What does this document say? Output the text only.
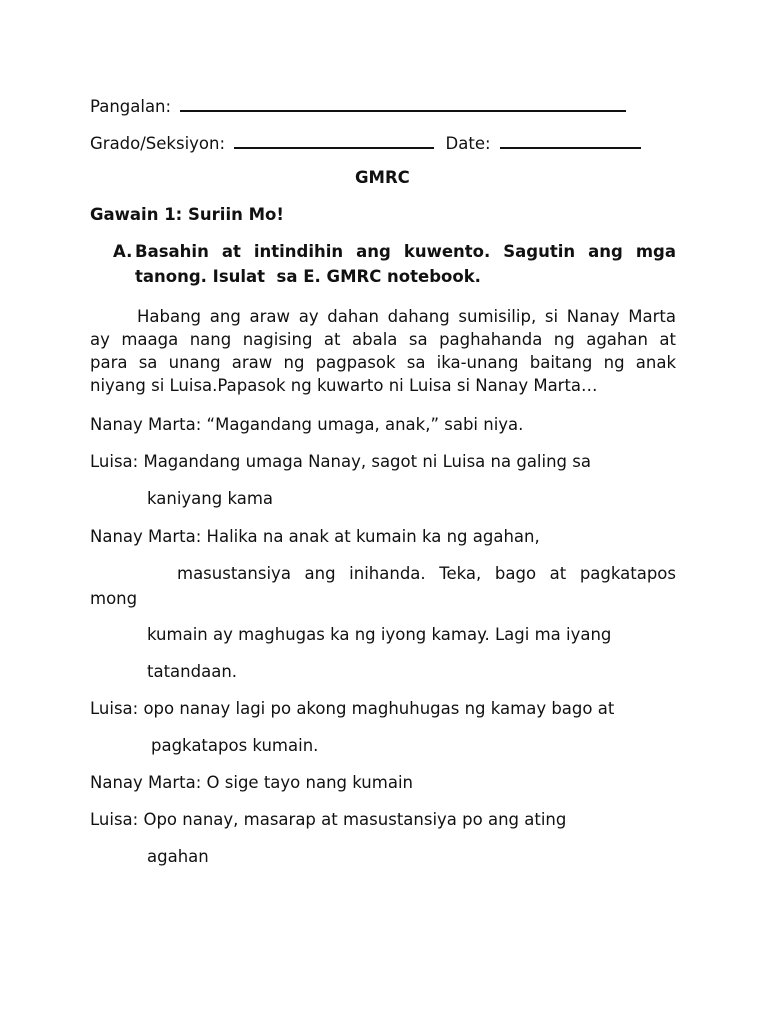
Pangalan:
Grado/Seksiyon:	Date:
GMRC
Gawain 1: Suriin Mo!
A. Basahin at intindihin ang kuwento. Sagutin ang mga
tanong. Isulat  sa E. GMRC notebook.
Habang ang araw ay dahan dahang sumisilip, si Nanay Marta
ay maaga nang nagising at abala sa paghahanda ng agahan at
para sa unang araw ng pagpasok sa ika-unang baitang ng anak
niyang si Luisa.Papasok ng kuwarto ni Luisa si Nanay Marta…
Nanay Marta: “Magandang umaga, anak,” sabi niya.
Luisa: Magandang umaga Nanay, sagot ni Luisa na galing sa
kaniyang kama
Nanay Marta: Halika na anak at kumain ka ng agahan,
masustansiya ang inihanda. Teka, bago at pagkatapos
mong
kumain ay maghugas ka ng iyong kamay. Lagi ma iyang
tatandaan.
Luisa: opo nanay lagi po akong maghuhugas ng kamay bago at
pagkatapos kumain.
Nanay Marta: O sige tayo nang kumain
Luisa: Opo nanay, masarap at masustansiya po ang ating
agahan
